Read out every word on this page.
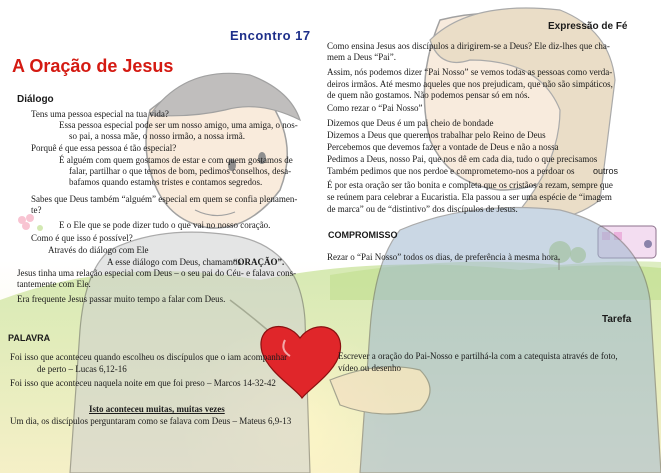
Encontro 17
A Oração de Jesus
Diálogo
Tens uma pessoa especial na tua vida?
Essa pessoa especial pode ser um nosso amigo, uma amiga, o nos-
so pai, a nossa mãe, o nosso irmão, a nossa irmã.
Porquê é que essa pessoa é tão especial?
É alguém com quem gostamos de estar e com quem gostamos de
falar, partilhar o que temos de bom, pedimos conselhos, desa-
bafamos quando estamos tristes e contamos segredos.
Sabes que Deus também “alguém” especial em quem se confia plenamen-
te?
E o Ele que se pode dizer tudo o que vai no nosso coração.
Como é que isso é possível?
Através do diálogo com Ele
A esse diálogo com Deus, chamamos
“ORAÇÃO”.
Jesus tinha uma relação especial com Deus – o seu pai do Céu- e falava cons-
tantemente com Ele.
Era frequente Jesus passar muito tempo a falar com Deus.
PALAVRA
Foi isso que aconteceu quando escolheu os discípulos que o iam acompanhar
de perto – Lucas 6,12-16
Foi isso que aconteceu naquela noite em que foi preso – Marcos 14-32-42
Isto aconteceu muitas, muitas vezes
Um dia, os discípulos perguntaram como se falava com Deus – Mateus 6,9-13
Expressão de Fé
Como ensina Jesus aos discípulos a dirigirem-se a Deus? Ele diz-lhes que cha-
mem a Deus “Pai”.
Assim, nós podemos dizer “Pai Nosso” se vemos todas as pessoas como verda-
deiros irmãos. Até mesmo aqueles que nos prejudicam, que não são simpáticos,
de quem não gostamos. Não podemos pensar só em nós.
Como rezar o “Pai Nosso”
Dizemos que Deus é um pai cheio de bondade
Dizemos a Deus que queremos trabalhar pelo Reino de Deus
Percebemos que devemos fazer a vontade de Deus e não a nossa
Pedimos a Deus, nosso Pai, que nos dê em cada dia, tudo o que precisamos
Também pedimos que nos perdoe e comprometemo-nos a perdoar os outros
É por esta oração ser tão bonita e completa que os cristãos a rezam, sempre que
se reúnem para celebrar a Eucaristia. Ela passou a ser uma espécie de “imagem
de marca” ou de “distintivo” dos discípulos de Jesus.
COMPROMISSO
Rezar o “Pai Nosso” todos os dias, de preferência à mesma hora.
Tarefa
Escrever a oração do Pai-Nosso e partilhá-la com a catequista através de foto,
vídeo ou desenho
